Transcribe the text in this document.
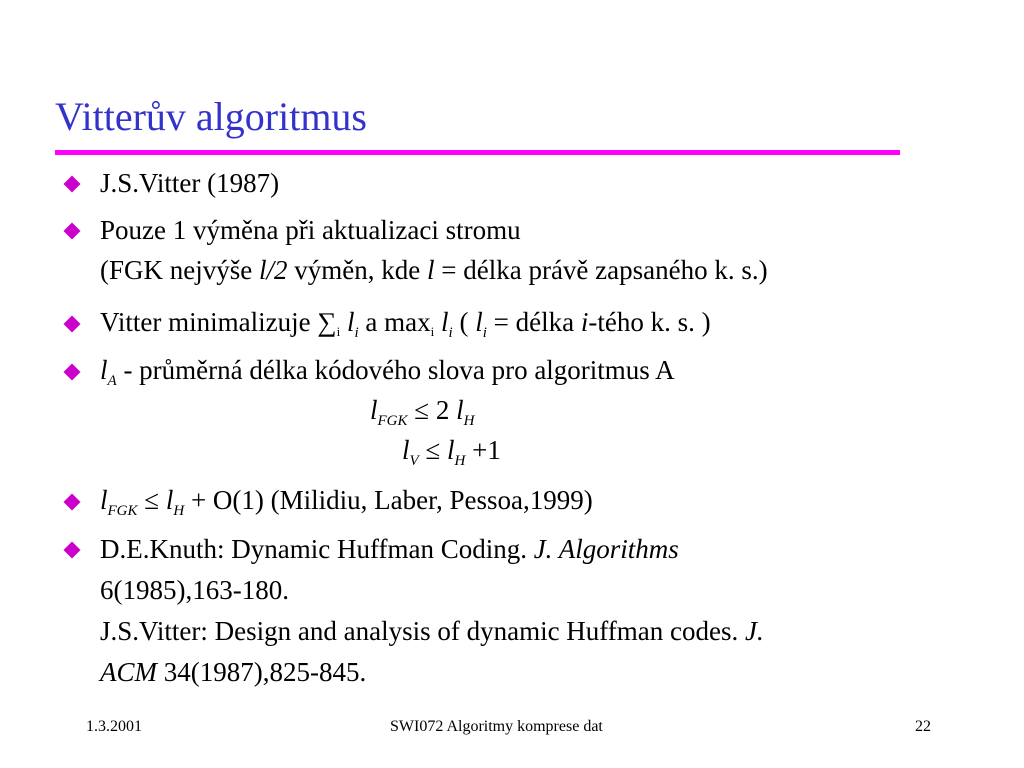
Vitterův algoritmus
J.S.Vitter (1987)
Pouze 1 výměna při aktualizaci stromu
(FGK nejvýše l/2 výměn, kde l = délka právě zapsaného k. s.)
Vitter minimalizuje ∑i $l_i$ a maxi $l_i$ ( $l_i$ = délka i-tého k. s. )
$l_A$ - průměrná délka kódového slova pro algoritmus A
$l_{FGK} \le 2$ $l_H$
$l_V \le l_H +1$
$l_{FGK} \le l_H + O(1)$ (Milidiu, Laber, Pessoa,1999)
D.E.Knuth: Dynamic Huffman Coding. J. Algorithms
6(1985),163-180.
J.S.Vitter: Design and analysis of dynamic Huffman codes. J.
ACM 34(1987),825-845.
1.3.2001	SWI072 Algoritmy komprese dat	22
